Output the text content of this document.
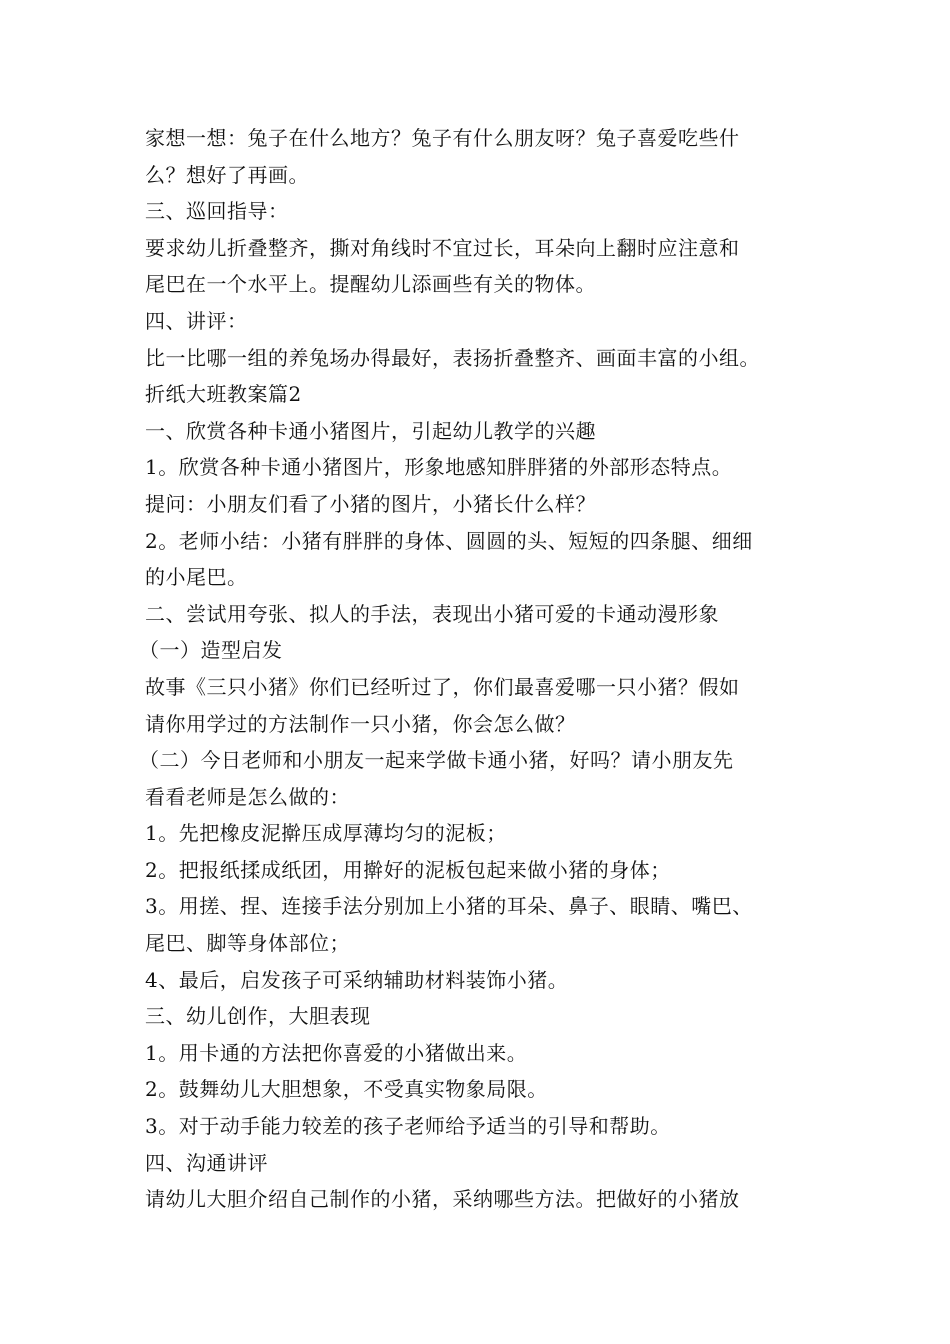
家想一想：兔子在什么地方？兔子有什么朋友呀？兔子喜爱吃些什
么？想好了再画。
三、巡回指导：
要求幼儿折叠整齐，撕对角线时不宜过长，耳朵向上翻时应注意和
尾巴在一个水平上。提醒幼儿添画些有关的物体。
四、讲评：
比一比哪一组的养兔场办得最好，表扬折叠整齐、画面丰富的小组。
折纸大班教案篇2
一、欣赏各种卡通小猪图片，引起幼儿教学的兴趣
1。欣赏各种卡通小猪图片，形象地感知胖胖猪的外部形态特点。
提问：小朋友们看了小猪的图片，小猪长什么样？
2。老师小结：小猪有胖胖的身体、圆圆的头、短短的四条腿、细细
的小尾巴。
二、尝试用夸张、拟人的手法，表现出小猪可爱的卡通动漫形象
（一）造型启发
故事《三只小猪》你们已经听过了，你们最喜爱哪一只小猪？假如
请你用学过的方法制作一只小猪，你会怎么做？
（二）今日老师和小朋友一起来学做卡通小猪，好吗？请小朋友先
看看老师是怎么做的：
1。先把橡皮泥擀压成厚薄均匀的泥板；
2。把报纸揉成纸团，用擀好的泥板包起来做小猪的身体；
3。用搓、捏、连接手法分别加上小猪的耳朵、鼻子、眼睛、嘴巴、
尾巴、脚等身体部位；
4、最后，启发孩子可采纳辅助材料装饰小猪。
三、幼儿创作，大胆表现
1。用卡通的方法把你喜爱的小猪做出来。
2。鼓舞幼儿大胆想象，不受真实物象局限。
3。对于动手能力较差的孩子老师给予适当的引导和帮助。
四、沟通讲评
请幼儿大胆介绍自己制作的小猪，采纳哪些方法。把做好的小猪放
